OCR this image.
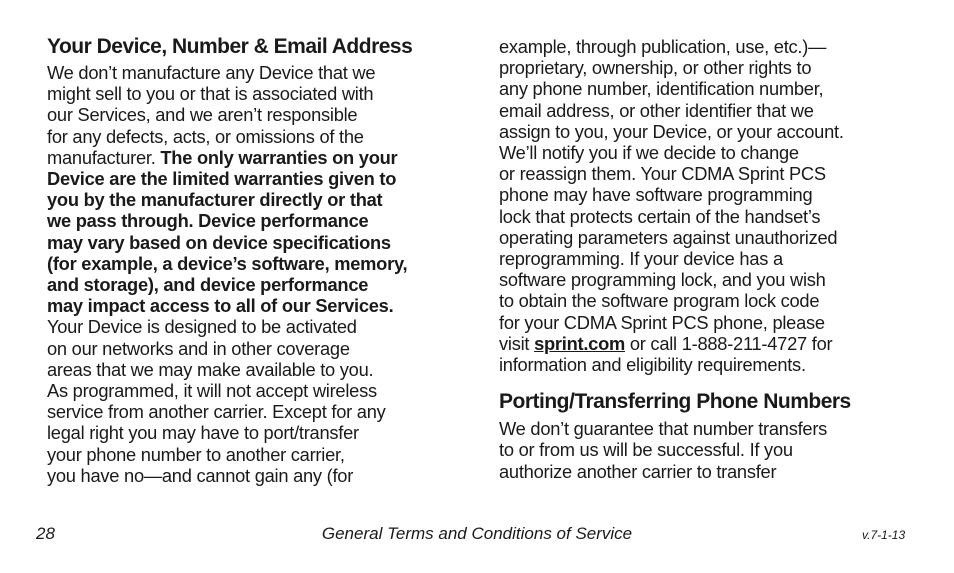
Your Device, Number & Email Address

We don’t manufacture any Device that we
might sell to you or that is associated with
our Services, and we aren’t responsible
for any defects, acts, or omissions of the
manufacturer. The only warranties on your
Device are the limited warranties given to
you by the manufacturer directly or that
we pass through. Device performance
may vary based on device specifications
(for example, a device’s software, memory,
and storage), and device performance
may impact access to all of our Services.
Your Device is designed to be activated
on our networks and in other coverage
areas that we may make available to you.
As programmed, it will not accept wireless
service from another carrier. Except for any
legal right you may have to port/transfer
your phone number to another carrier,
you have no—and cannot gain any (for

example, through publication, use, etc.)—
proprietary, ownership, or other rights to
any phone number, identification number,
email address, or other identifier that we
assign to you, your Device, or your account.
We’ll notify you if we decide to change
or reassign them. Your CDMA Sprint PCS
phone may have software programming
lock that protects certain of the handset’s
operating parameters against unauthorized
reprogramming. If your device has a
software programming lock, and you wish
to obtain the software program lock code
for your CDMA Sprint PCS phone, please
visit sprint.com or call 1-888-211-4727 for
information and eligibility requirements.

Porting/Transferring Phone Numbers

We don’t guarantee that number transfers
to or from us will be successful. If you
authorize another carrier to transfer

28	General Terms and Conditions of Service	v.7-1-13
